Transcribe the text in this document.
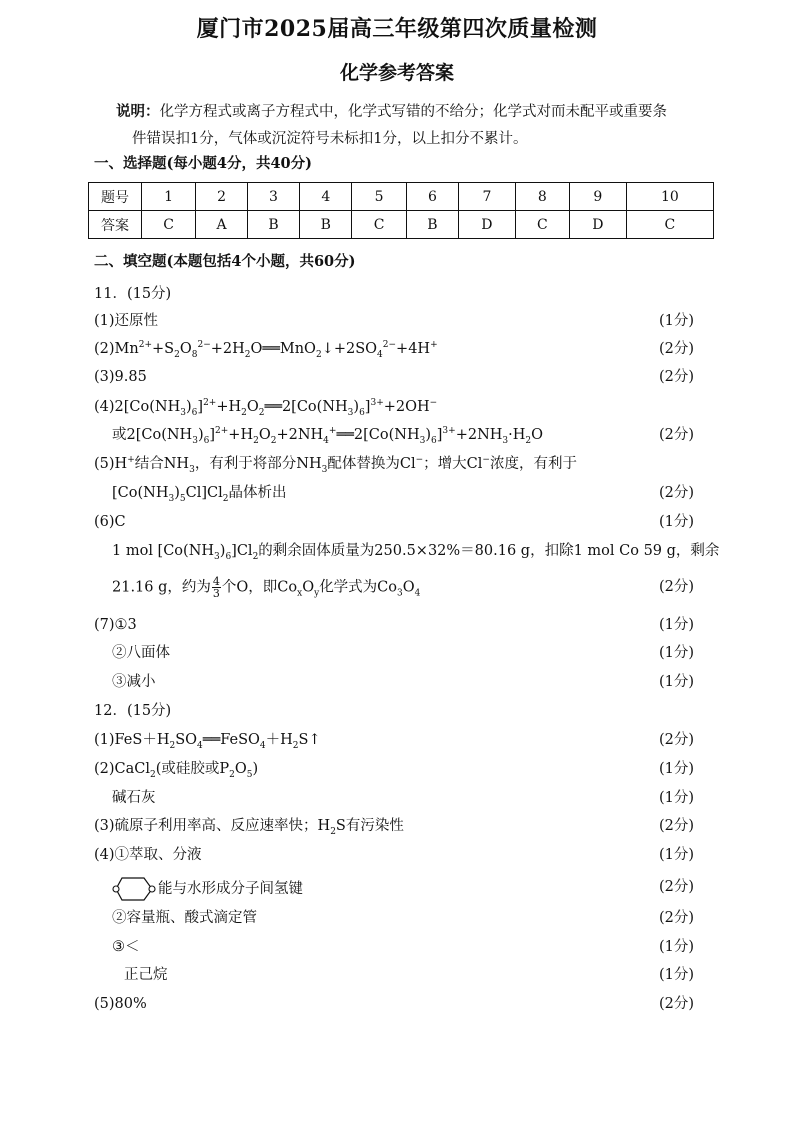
厦门市2025届高三年级第四次质量检测
化学参考答案
说明：化学方程式或离子方程式中，化学式写错的不给分；化学式对而未配平或重要条
件错误扣1分，气体或沉淀符号未标扣1分，以上扣分不累计。
一、选择题(每小题4分，共40分)
题号	1	2	3	4	5	6	7	8	9	10
答案	C	A	B	B	C	B	D	C	D	C
二、填空题(本题包括4个小题，共60分)
11．(15分)
(1)还原性	(1分)
$(2)Mn^{2+}+S_2O_8^{2-}+2H_2O══MnO_2↓+2SO_4^{2-}+4H^+$	(2分)
(3)9.85	(2分)
$(4)2[Co(NH_3)_6]^{2+}+H_2O_2══2[Co(NH_3)_6]^{3+}+2OH^-$
或$2[Co(NH_3)_6]^{2+}+H_2O_2+2NH_4^+══2[Co(NH_3)_6]^{3+}+2NH_3\cdot H_2O$	(2分)
(5)H+结合$NH_3$，有利于将部分$NH_3$配体替换为Cl−；增大Cl−浓度，有利于
$[Co(NH_3)_5Cl]Cl_2$晶体析出	(2分)
(6)C	(1分)
1 mol $[Co(NH_3)_6]Cl_2$的剩余固体质量为250.5×32%＝80.16 g，扣除1 mol Co 59 g，剩余
21.16 g，约为 $\frac{4}{3}$ 个O，即$Co_xO_y$化学式为$Co_3O_4$	(2分)
(7)①3	(1分)
②八面体	(1分)
③减小	(1分)
12．(15分)
$(1)FeS+H_2SO_4══FeSO_4+H_2S↑$	(2分)
(2)CaCl$_2$(或硅胶或$P_2O_5$)	(1分)
碱石灰	(1分)
(3)硫原子利用率高、反应速率快；$H_2S$有污染性	(2分)
(4)①萃取、分液	(1分)
能与水形成分子间氢键	(2分)
②容量瓶、酸式滴定管	(2分)
③＜	(1分)
正己烷	(1分)
(5)80%	(2分)
